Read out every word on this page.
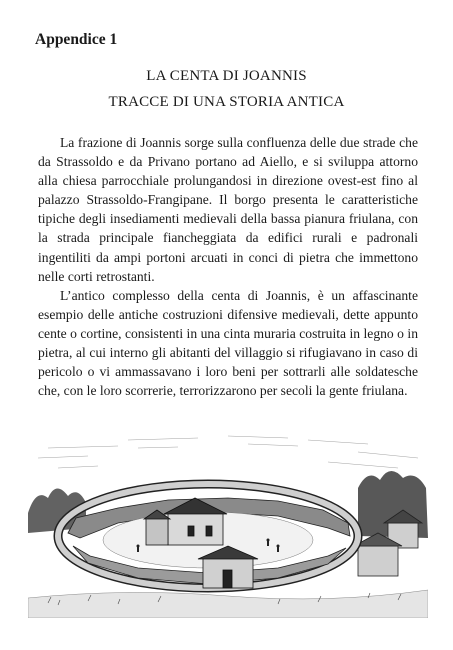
Appendice 1
LA CENTA DI JOANNIS
TRACCE DI UNA STORIA ANTICA

La frazione di Joannis sorge sulla confluenza delle due strade che da Strassoldo e da Privano portano ad Aiello, e si sviluppa attorno alla chiesa parrocchiale prolungandosi in direzione ovest-est fino al palazzo Strassoldo-Frangipane. Il borgo presenta le caratteristiche tipiche degli insediamenti medievali della bassa pianura friulana, con la strada principale fiancheggiata da edifici rurali e padronali ingentiliti da ampi portoni arcuati in conci di pietra che immettono nelle corti retrostanti.

L’antico complesso della centa di Joannis, è un affascinante esempio delle antiche costruzioni difensive medievali, dette appunto cente o cortine, consistenti in una cinta muraria costruita in legno o in pietra, al cui interno gli abitanti del villaggio si rifugiavano in caso di pericolo o vi ammassavano i loro beni per sottrarli alle soldatesche che, con le loro scorrerie, terrorizzarono per secoli la gente friulana.
